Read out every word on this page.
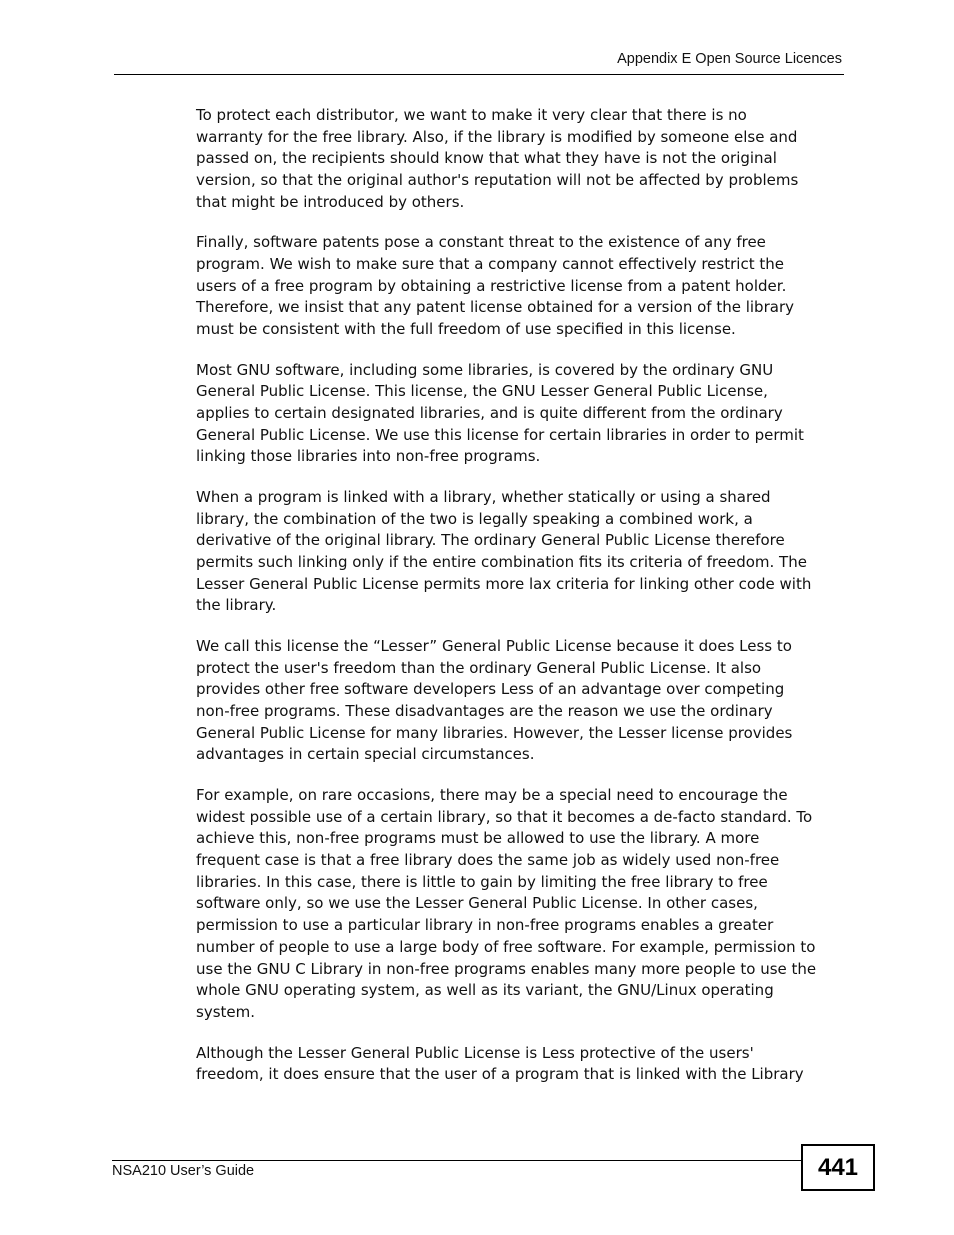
Appendix E Open Source Licences

To protect each distributor, we want to make it very clear that there is no
warranty for the free library. Also, if the library is modified by someone else and
passed on, the recipients should know that what they have is not the original
version, so that the original author's reputation will not be affected by problems
that might be introduced by others.

Finally, software patents pose a constant threat to the existence of any free
program. We wish to make sure that a company cannot effectively restrict the
users of a free program by obtaining a restrictive license from a patent holder.
Therefore, we insist that any patent license obtained for a version of the library
must be consistent with the full freedom of use specified in this license.

Most GNU software, including some libraries, is covered by the ordinary GNU
General Public License. This license, the GNU Lesser General Public License,
applies to certain designated libraries, and is quite different from the ordinary
General Public License. We use this license for certain libraries in order to permit
linking those libraries into non-free programs.

When a program is linked with a library, whether statically or using a shared
library, the combination of the two is legally speaking a combined work, a
derivative of the original library. The ordinary General Public License therefore
permits such linking only if the entire combination fits its criteria of freedom. The
Lesser General Public License permits more lax criteria for linking other code with
the library.

We call this license the “Lesser” General Public License because it does Less to
protect the user's freedom than the ordinary General Public License. It also
provides other free software developers Less of an advantage over competing
non-free programs. These disadvantages are the reason we use the ordinary
General Public License for many libraries. However, the Lesser license provides
advantages in certain special circumstances.

For example, on rare occasions, there may be a special need to encourage the
widest possible use of a certain library, so that it becomes a de-facto standard. To
achieve this, non-free programs must be allowed to use the library. A more
frequent case is that a free library does the same job as widely used non-free
libraries. In this case, there is little to gain by limiting the free library to free
software only, so we use the Lesser General Public License. In other cases,
permission to use a particular library in non-free programs enables a greater
number of people to use a large body of free software. For example, permission to
use the GNU C Library in non-free programs enables many more people to use the
whole GNU operating system, as well as its variant, the GNU/Linux operating
system.

Although the Lesser General Public License is Less protective of the users'
freedom, it does ensure that the user of a program that is linked with the Library

NSA210 User’s Guide	441
